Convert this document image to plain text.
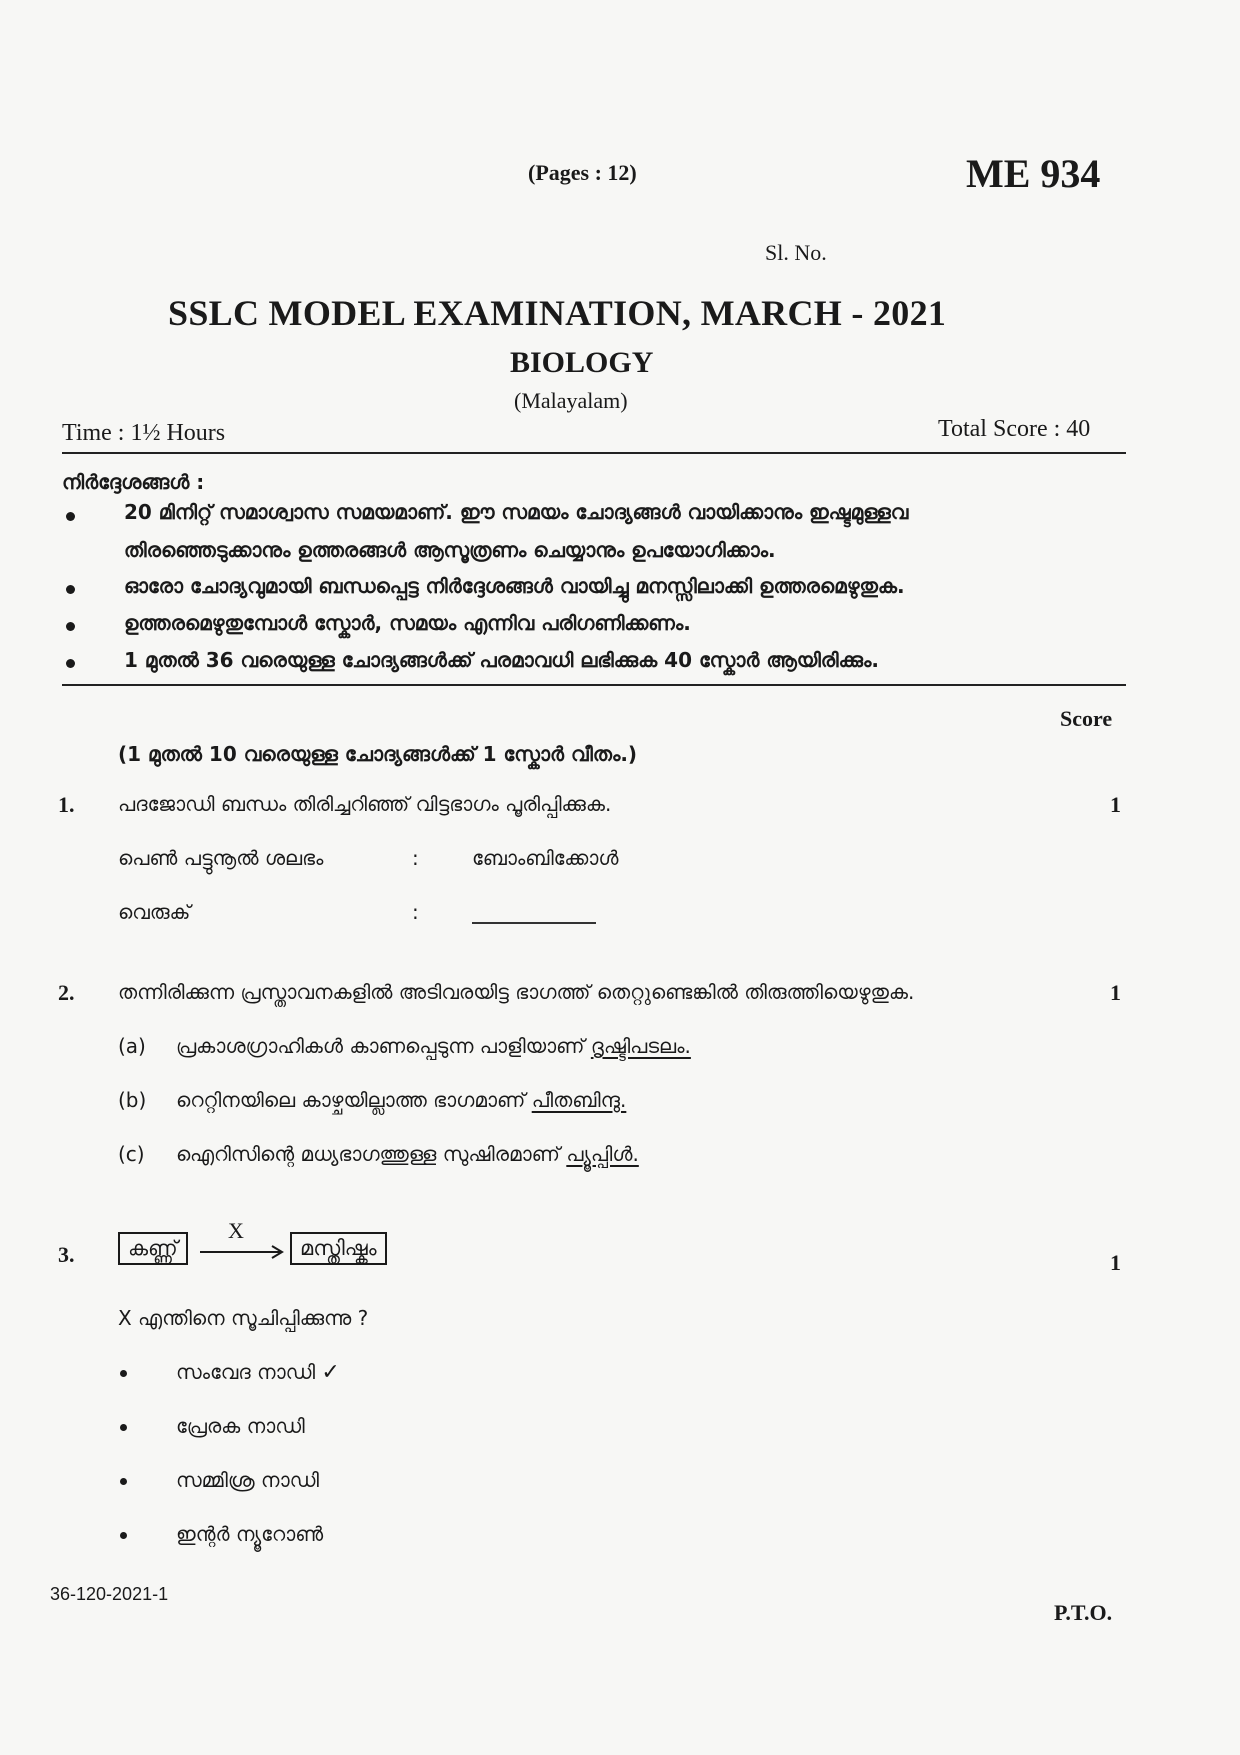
(Pages : 12)	ME 934
Sl. No.
SSLC MODEL EXAMINATION, MARCH - 2021
BIOLOGY
(Malayalam)
Time : 1½ Hours	Total Score : 40
നിർദ്ദേശങ്ങൾ :
20 മിനിറ്റ് സമാശ്വാസ സമയമാണ്. ഈ സമയം ചോദ്യങ്ങൾ വായിക്കാനും ഇഷ്ടമുള്ളവ
തിരഞ്ഞെടുക്കാനും ഉത്തരങ്ങൾ ആസൂത്രണം ചെയ്യാനും ഉപയോഗിക്കാം.
ഓരോ ചോദ്യവുമായി ബന്ധപ്പെട്ട നിർദ്ദേശങ്ങൾ വായിച്ചു മനസ്സിലാക്കി ഉത്തരമെഴുതുക.
ഉത്തരമെഴുതുമ്പോൾ സ്കോർ, സമയം എന്നിവ പരിഗണിക്കണം.
1 മുതൽ 36 വരെയുള്ള ചോദ്യങ്ങൾക്ക് പരമാവധി ലഭിക്കുക 40 സ്കോർ ആയിരിക്കും.
Score
(1 മുതൽ 10 വരെയുള്ള ചോദ്യങ്ങൾക്ക് 1 സ്കോർ വീതം.)
1. പദജോഡി ബന്ധം തിരിച്ചറിഞ്ഞ് വിട്ടഭാഗം പൂരിപ്പിക്കുക.	1
പെൺ പട്ടുനൂൽ ശലഭം	:	ബോംബിക്കോൾ
വെരുക്	:
2. തന്നിരിക്കുന്ന പ്രസ്താവനകളിൽ അടിവരയിട്ട ഭാഗത്ത് തെറ്റുണ്ടെങ്കിൽ തിരുത്തിയെഴുതുക.	1
(a) പ്രകാശഗ്രാഹികൾ കാണപ്പെടുന്ന പാളിയാണ് ദൃഷ്ടിപടലം.
(b) റെറ്റിനയിലെ കാഴ്ചയില്ലാത്ത ഭാഗമാണ് പീതബിന്ദു.
(c) ഐറിസിന്റെ മധ്യഭാഗത്തുള്ള സുഷിരമാണ് പ്യൂപ്പിൾ.
3.	കണ്ണ്
X
മസ്തിഷ്കം
1
X എന്തിനെ സൂചിപ്പിക്കുന്നു ?
സംവേദ നാഡി ✓
പ്രേരക നാഡി
സമ്മിശ്ര നാഡി
ഇന്റർ ന്യൂറോൺ
36-120-2021-1
P.T.O.
